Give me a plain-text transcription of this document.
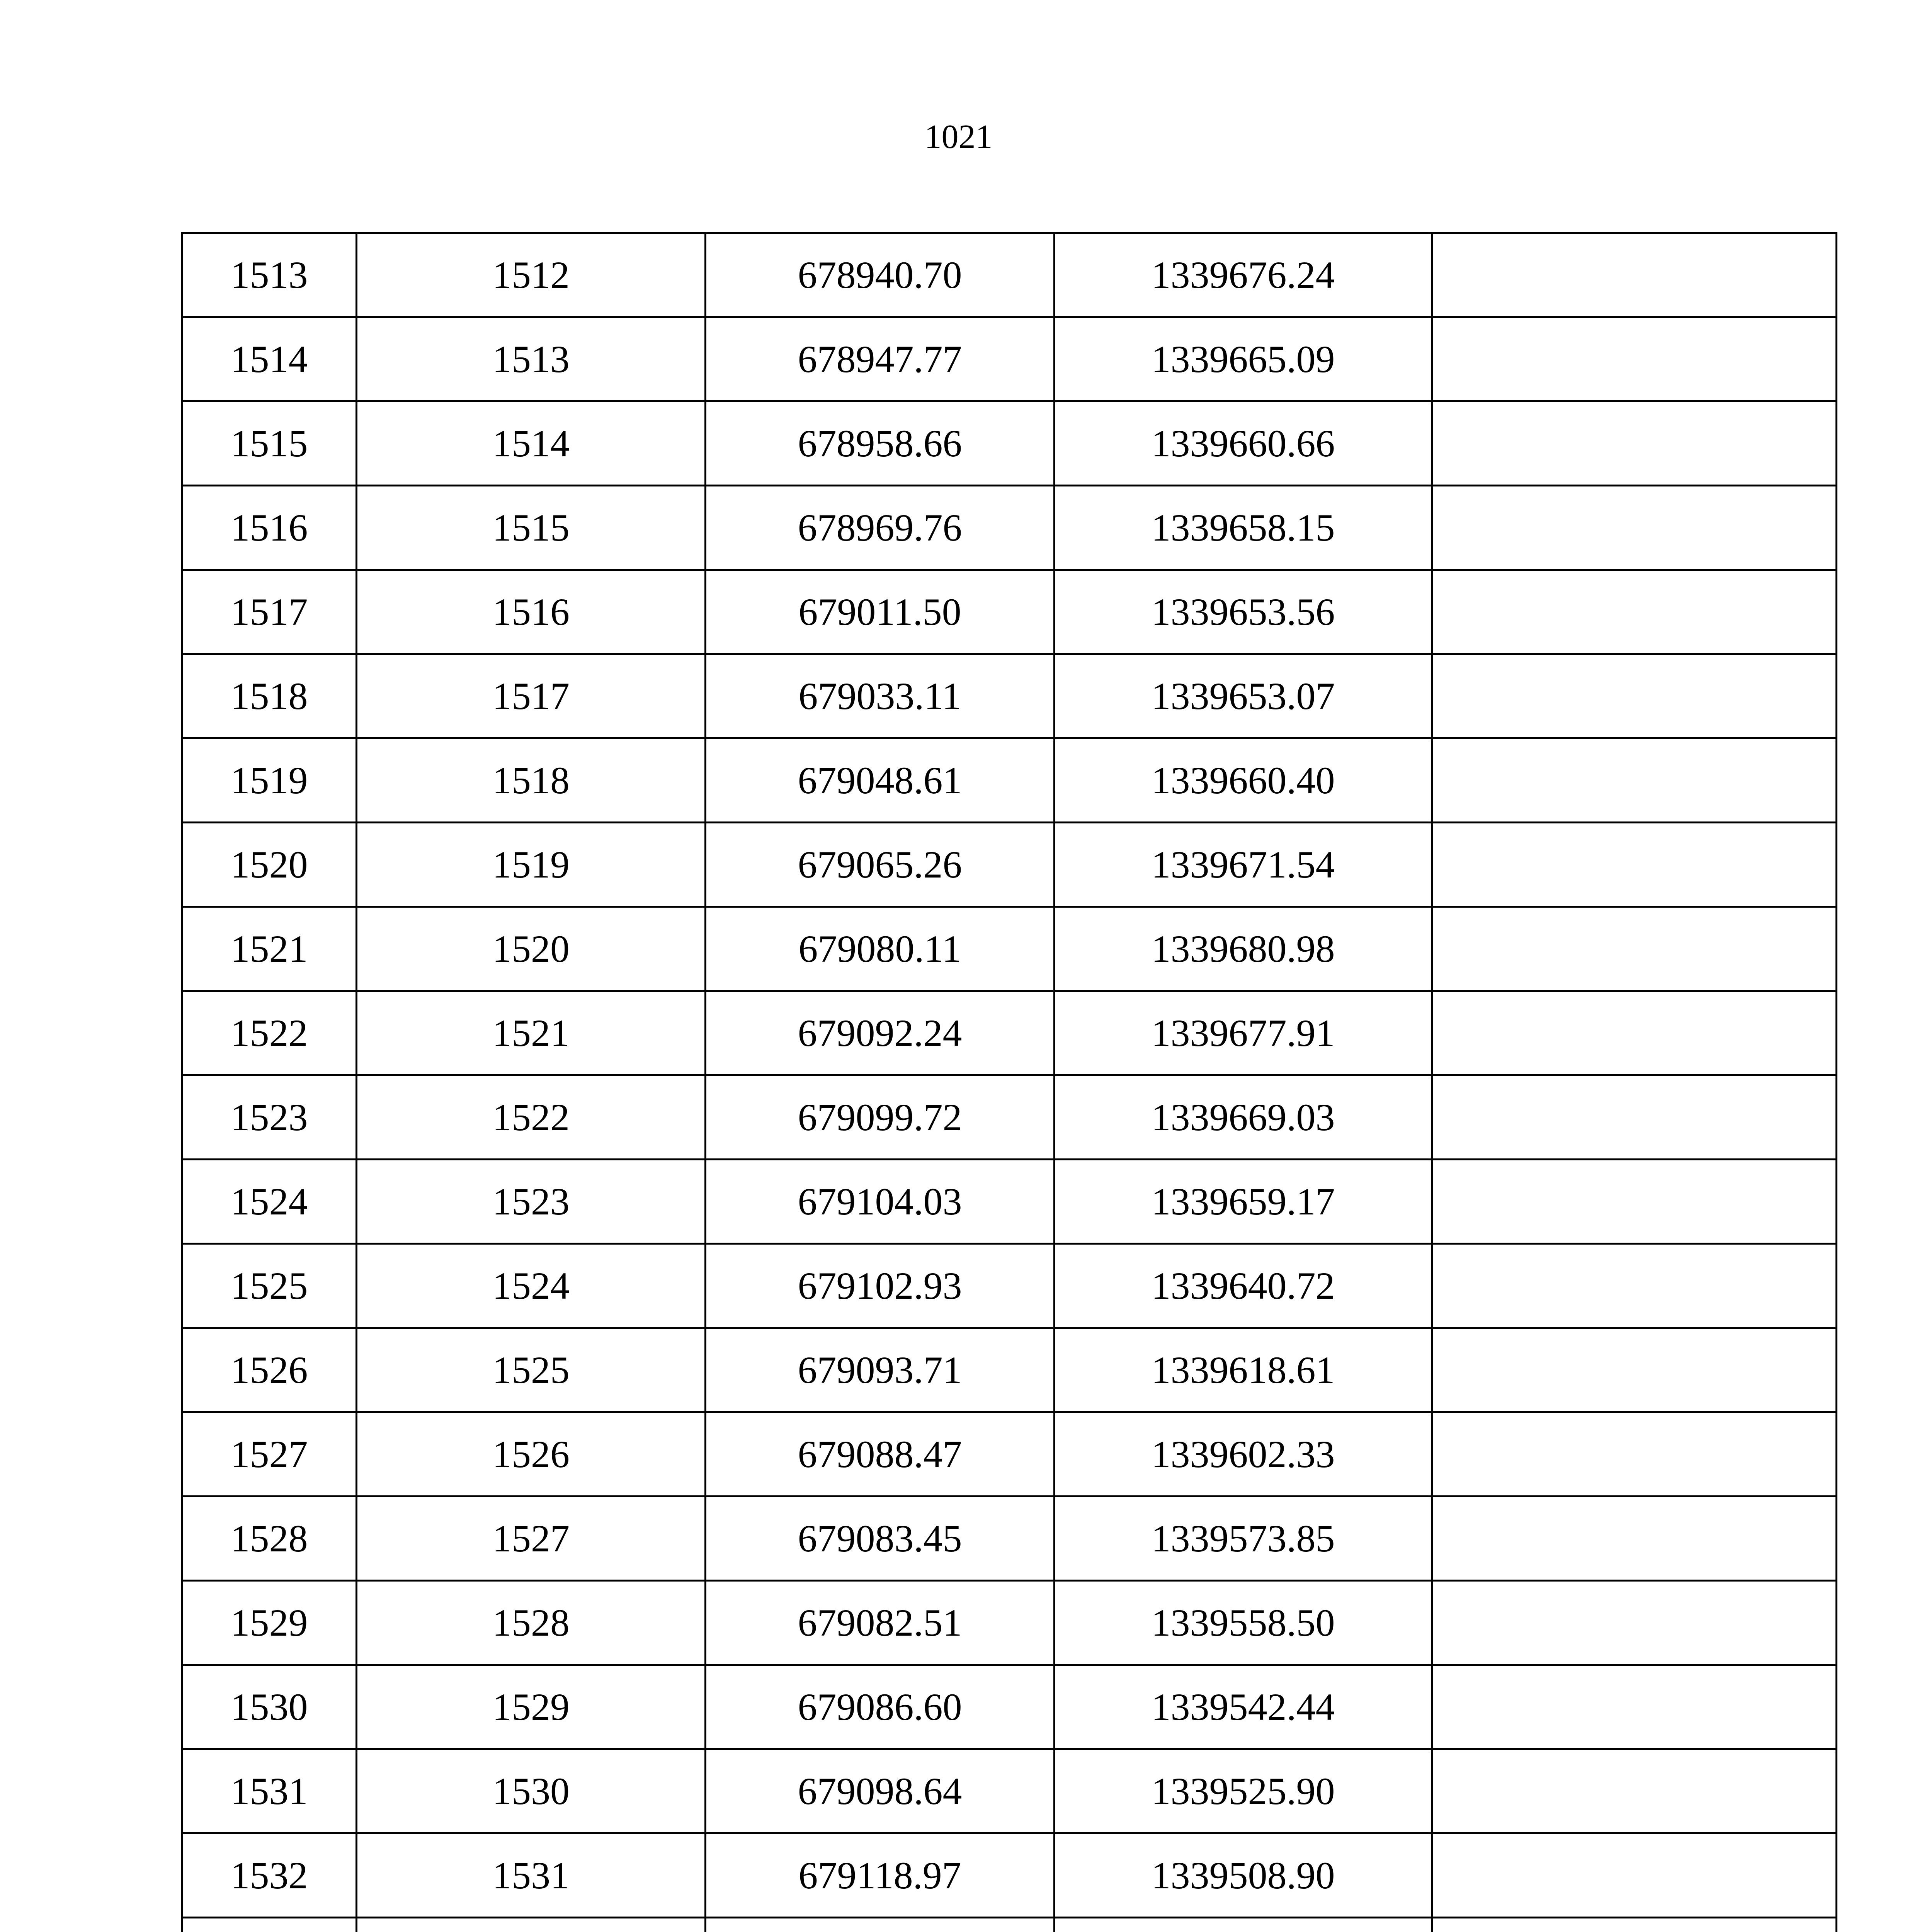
1021
1513	1512	678940.70	1339676.24	
1514	1513	678947.77	1339665.09	
1515	1514	678958.66	1339660.66	
1516	1515	678969.76	1339658.15	
1517	1516	679011.50	1339653.56	
1518	1517	679033.11	1339653.07	
1519	1518	679048.61	1339660.40	
1520	1519	679065.26	1339671.54	
1521	1520	679080.11	1339680.98	
1522	1521	679092.24	1339677.91	
1523	1522	679099.72	1339669.03	
1524	1523	679104.03	1339659.17	
1525	1524	679102.93	1339640.72	
1526	1525	679093.71	1339618.61	
1527	1526	679088.47	1339602.33	
1528	1527	679083.45	1339573.85	
1529	1528	679082.51	1339558.50	
1530	1529	679086.60	1339542.44	
1531	1530	679098.64	1339525.90	
1532	1531	679118.97	1339508.90	
